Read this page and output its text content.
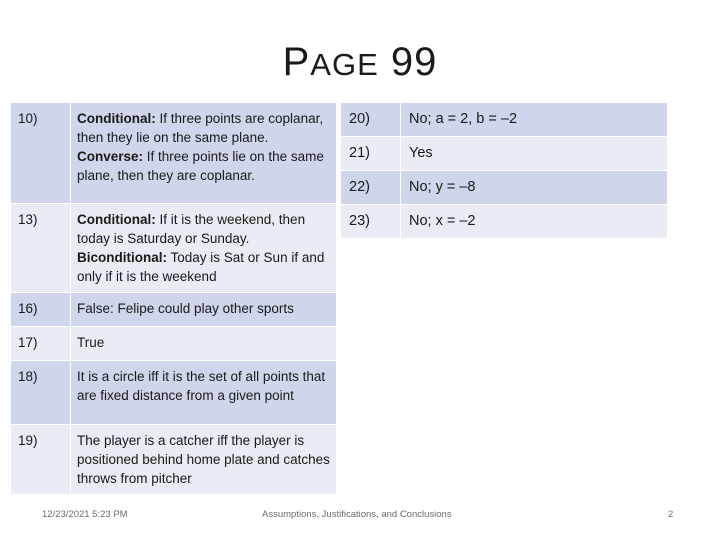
PAGE 99
10)	Conditional: If three points are coplanar, then they lie on the same plane.
Converse: If three points lie on the same plane, then they are coplanar.

13)	Conditional: If it is the weekend, then today is Saturday or Sunday.
Biconditional: Today is Sat or Sun if and only if it is the weekend

16)	False: Felipe could play other sports
17)	True
18)	It is a circle iff it is the set of all points that are fixed distance from a given point
19)	The player is a catcher iff the player is positioned behind home plate and catches throws from pitcher
20)	No; a = 2, b = –2
21)	Yes
22)	No; y = –8
23)	No; x = –2
12/23/2021 5:23 PM	Assumptions, Justifications, and Conclusions	2
